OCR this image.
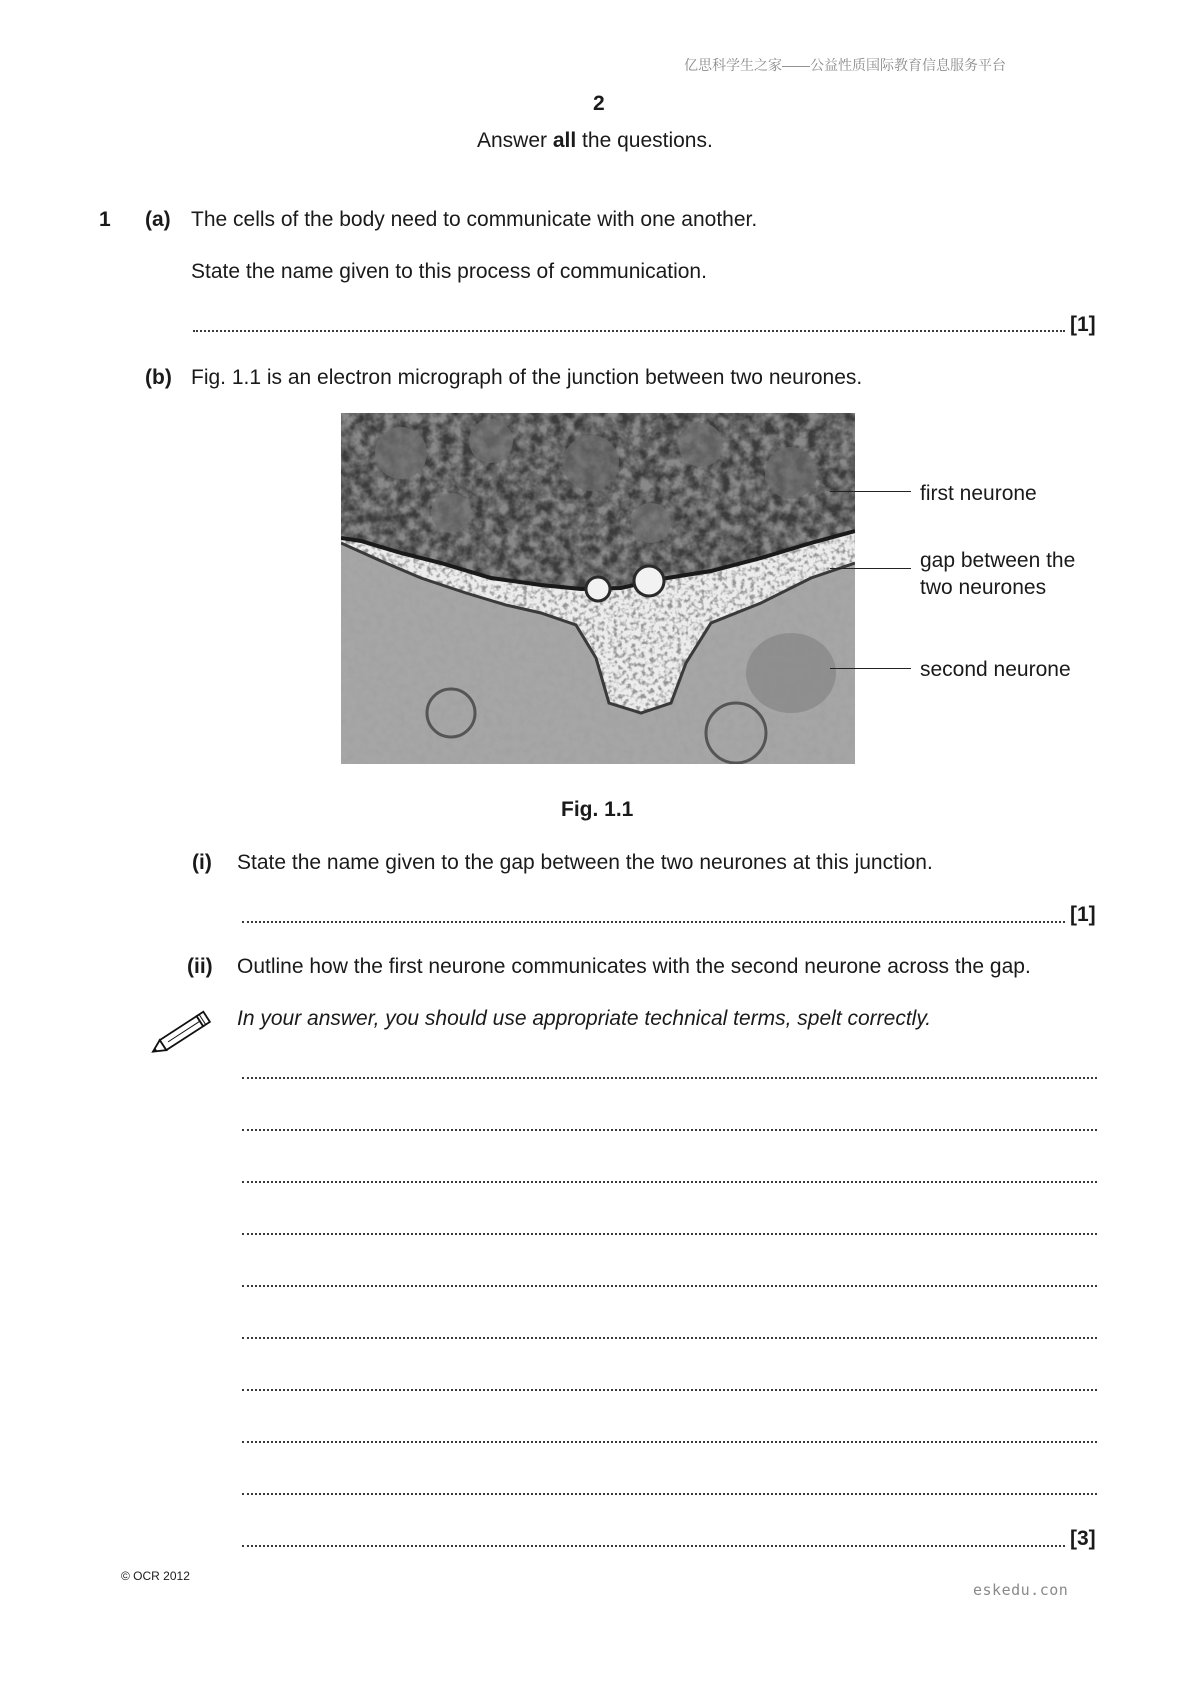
亿思科学生之家——公益性质国际教育信息服务平台
2
Answer all the questions.
1 (a) The cells of the body need to communicate with one another.
State the name given to this process of communication.
[1]
(b) Fig. 1.1 is an electron micrograph of the junction between two neurones.
first neurone
gap between the
two neurones
second neurone
Fig. 1.1
(i) State the name given to the gap between the two neurones at this junction.
[1]
(ii) Outline how the first neurone communicates with the second neurone across the gap.
In your answer, you should use appropriate technical terms, spelt correctly.
[3]
© OCR 2012
eskedu.con
